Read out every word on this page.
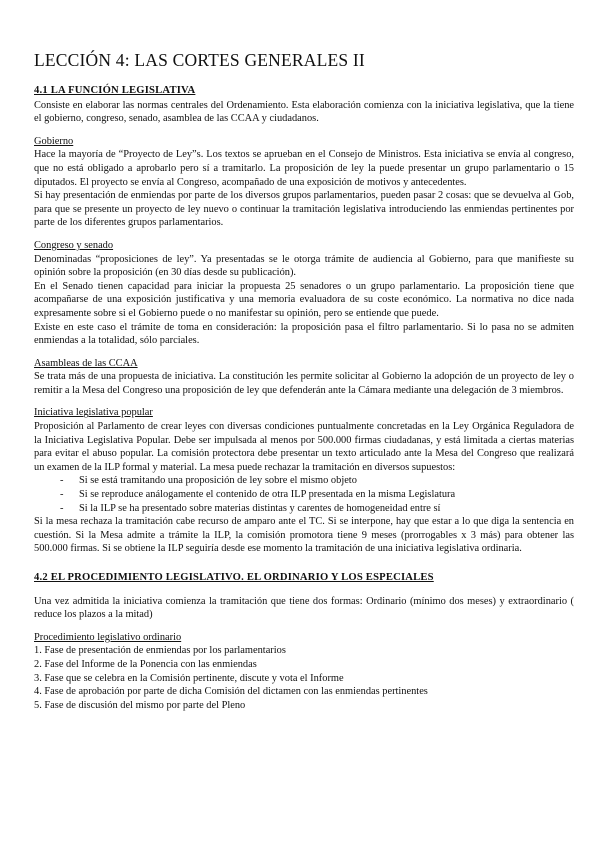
LECCIÓN 4: LAS CORTES GENERALES II
4.1 LA FUNCIÓN LEGISLATIVA

Consiste en elaborar las normas centrales del Ordenamiento. Esta elaboración comienza con la iniciativa legislativa, que la tiene el gobierno, congreso, senado, asamblea de las CCAA y ciudadanos.

Gobierno

Hace la mayoría de “Proyecto de Ley”s. Los textos se aprueban en el Consejo de Ministros. Esta iniciativa se envía al congreso, que no está obligado a aprobarlo pero sí a tramitarlo. La proposición de ley la puede presentar un grupo parlamentario o 15 diputados. El proyecto se envía al Congreso, acompañado de una exposición de motivos y antecedentes.

Si hay presentación de enmiendas por parte de los diversos grupos parlamentarios, pueden pasar 2 cosas: que se devuelva al Gob, para que se presente un proyecto de ley nuevo o continuar la tramitación legislativa introduciendo las enmiendas pertinentes por parte de los diferentes grupos parlamentarios.

Congreso y senado

Denominadas “proposiciones de ley”. Ya presentadas se le otorga trámite de audiencia al Gobierno, para que manifieste su opinión sobre la proposición (en 30 días desde su publicación).

En el Senado tienen capacidad para iniciar la propuesta 25 senadores o un grupo parlamentario. La proposición tiene que acompañarse de una exposición justificativa y una memoria evaluadora de su coste económico. La normativa no dice nada expresamente sobre si el Gobierno puede o no manifestar su opinión, pero se entiende que puede.

Existe en este caso el trámite de toma en consideración: la proposición pasa el filtro parlamentario. Si lo pasa no se admiten enmiendas a la totalidad, sólo parciales.

Asambleas de las CCAA

Se trata más de una propuesta de iniciativa. La constitución les permite solicitar al Gobierno la adopción de un proyecto de ley o remitir a la Mesa del Congreso una proposición de ley que defenderán ante la Cámara mediante una delegación de 3 miembros.

Iniciativa legislativa popular

Proposición al Parlamento de crear leyes con diversas condiciones puntualmente concretadas en la Ley Orgánica Reguladora de la Iniciativa Legislativa Popular. Debe ser impulsada al menos por 500.000 firmas ciudadanas, y está limitada a ciertas materias para evitar el abuso popular. La comisión protectora debe presentar un texto articulado ante la Mesa del Congreso que realizará un examen de la ILP formal y material. La mesa puede rechazar la tramitación en diversos supuestos:

- Si se está tramitando una proposición de ley sobre el mismo objeto
- Si se reproduce análogamente el contenido de otra ILP presentada en la misma Legislatura
- Si la ILP se ha presentado sobre materias distintas y carentes de homogeneidad entre sí

Si la mesa rechaza la tramitación cabe recurso de amparo ante el TC. Si se interpone, hay que estar a lo que diga la sentencia en cuestión. Si la Mesa admite a trámite la ILP, la comisión promotora tiene 9 meses (prorrogables x 3 más) para obtener las 500.000 firmas. Si se obtiene la ILP seguiría desde ese momento la tramitación de una iniciativa legislativa ordinaria.

4.2 EL PROCEDIMIENTO LEGISLATIVO. EL ORDINARIO Y LOS ESPECIALES

Una vez admitida la iniciativa comienza la tramitación que tiene dos formas: Ordinario (mínimo dos meses) y extraordinario ( reduce los plazos a la mitad)

Procedimiento legislativo ordinario
1. Fase de presentación de enmiendas por los parlamentarios
2. Fase del Informe de la Ponencia con las enmiendas
3. Fase que se celebra en la Comisión pertinente, discute y vota el Informe
4. Fase de aprobación por parte de dicha Comisión del dictamen con las enmiendas pertinentes
5. Fase de discusión del mismo por parte del Pleno
